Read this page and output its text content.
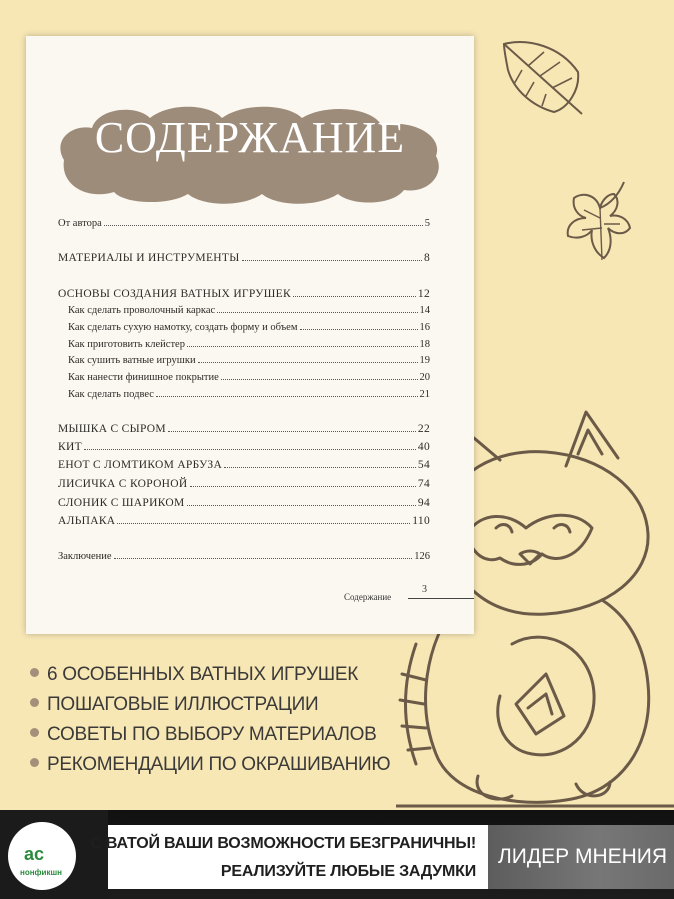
СОДЕРЖАНИЕ
От автора	5
МАТЕРИАЛЫ И ИНСТРУМЕНТЫ	8
ОСНОВЫ СОЗДАНИЯ ВАТНЫХ ИГРУШЕК	12
Как сделать проволочный каркас	14
Как сделать сухую намотку, создать форму и объем	16
Как приготовить клейстер	18
Как сушить ватные игрушки	19
Как нанести финишное покрытие	20
Как сделать подвес	21
МЫШКА С СЫРОМ	22
КИТ	40
ЕНОТ С ЛОМТИКОМ АРБУЗА	54
ЛИСИЧКА С КОРОНОЙ	74
СЛОНИК С ШАРИКОМ	94
АЛЬПАКА	110
Заключение	126
Содержание
3
6 ОСОБЕННЫХ ВАТНЫХ ИГРУШЕК
ПОШАГОВЫЕ ИЛЛЮСТРАЦИИ
СОВЕТЫ ПО ВЫБОРУ МАТЕРИАЛОВ
РЕКОМЕНДАЦИИ ПО ОКРАШИВАНИЮ
ас
нонфикшн
С ВАТОЙ ВАШИ ВОЗМОЖНОСТИ БЕЗГРАНИЧНЫ!
РЕАЛИЗУЙТЕ ЛЮБЫЕ ЗАДУМКИ
ЛИДЕР МНЕНИЯ
